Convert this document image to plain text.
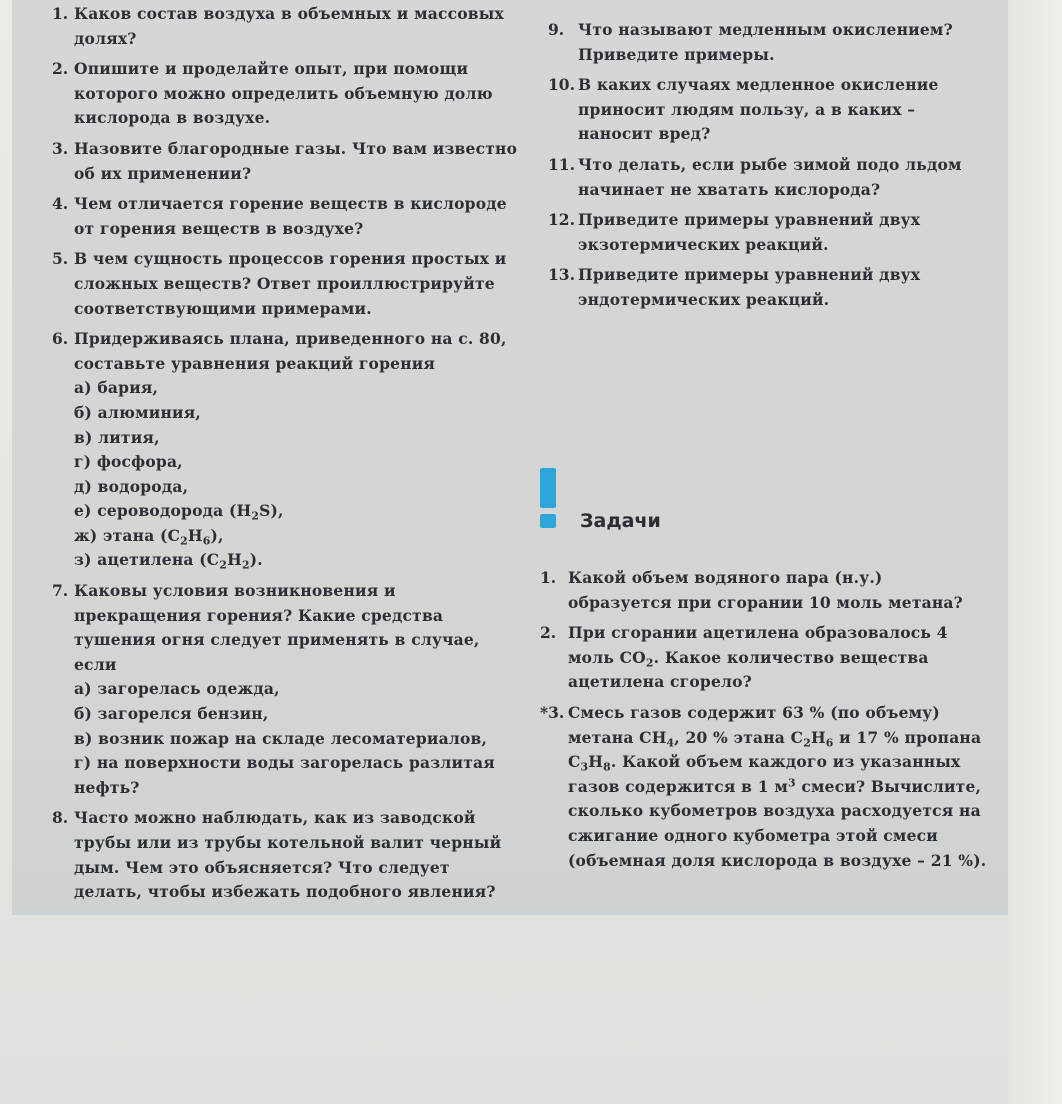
1. Каков состав воздуха в объемных и массовых долях?
2. Опишите и проделайте опыт, при помощи которого можно определить объемную долю кислорода в воздухе.
3. Назовите благородные газы. Что вам известно об их применении?
4. Чем отличается горение веществ в кислороде от горения веществ в воздухе?
5. В чем сущность процессов горения простых и сложных веществ? Ответ проиллюстрируйте соответствующими примерами.
6. Придерживаясь плана, приведенного на с. 80, составьте уравнения реакций горения
а) бария,
б) алюминия,
в) лития,
г) фосфора,
д) водорода,
е) сероводорода $(H_2S)$,
ж) этана $(C_2H_6)$,
з) ацетилена $(C_2H_2)$.
7. Каковы условия возникновения и прекращения горения? Какие средства тушения огня следует применять в случае, если
а) загорелась одежда,
б) загорелся бензин,
в) возник пожар на складе лесоматериалов,
г) на поверхности воды загорелась разлитая нефть?
8. Часто можно наблюдать, как из заводской трубы или из трубы котельной валит черный дым. Чем это объясняется? Что следует делать, чтобы избежать подобного явления?
9. Что называют медленным окислением? Приведите примеры.
10. В каких случаях медленное окисление приносит людям пользу, а в каких – наносит вред?
11. Что делать, если рыбе зимой подо льдом начинает не хватать кислорода?
12. Приведите примеры уравнений двух экзотермических реакций.
13. Приведите примеры уравнений двух эндотермических реакций.
Задачи
1. Какой объем водяного пара (н.у.) образуется при сгорании 10 моль метана?
2. При сгорании ацетилена образовалось 4 моль $CO_2$. Какое количество вещества ацетилена сгорело?
*3. Смесь газов содержит 63 % (по объему) метана $CH_4$, 20 % этана $C_2H_6$ и 17 % пропана $C_3H_8$. Какой объем каждого из указанных газов содержится в 1 $м^3$ смеси? Вычислите, сколько кубометров воздуха расходуется на сжигание одного кубометра этой смеси (объемная доля кислорода в воздухе – 21 %).
